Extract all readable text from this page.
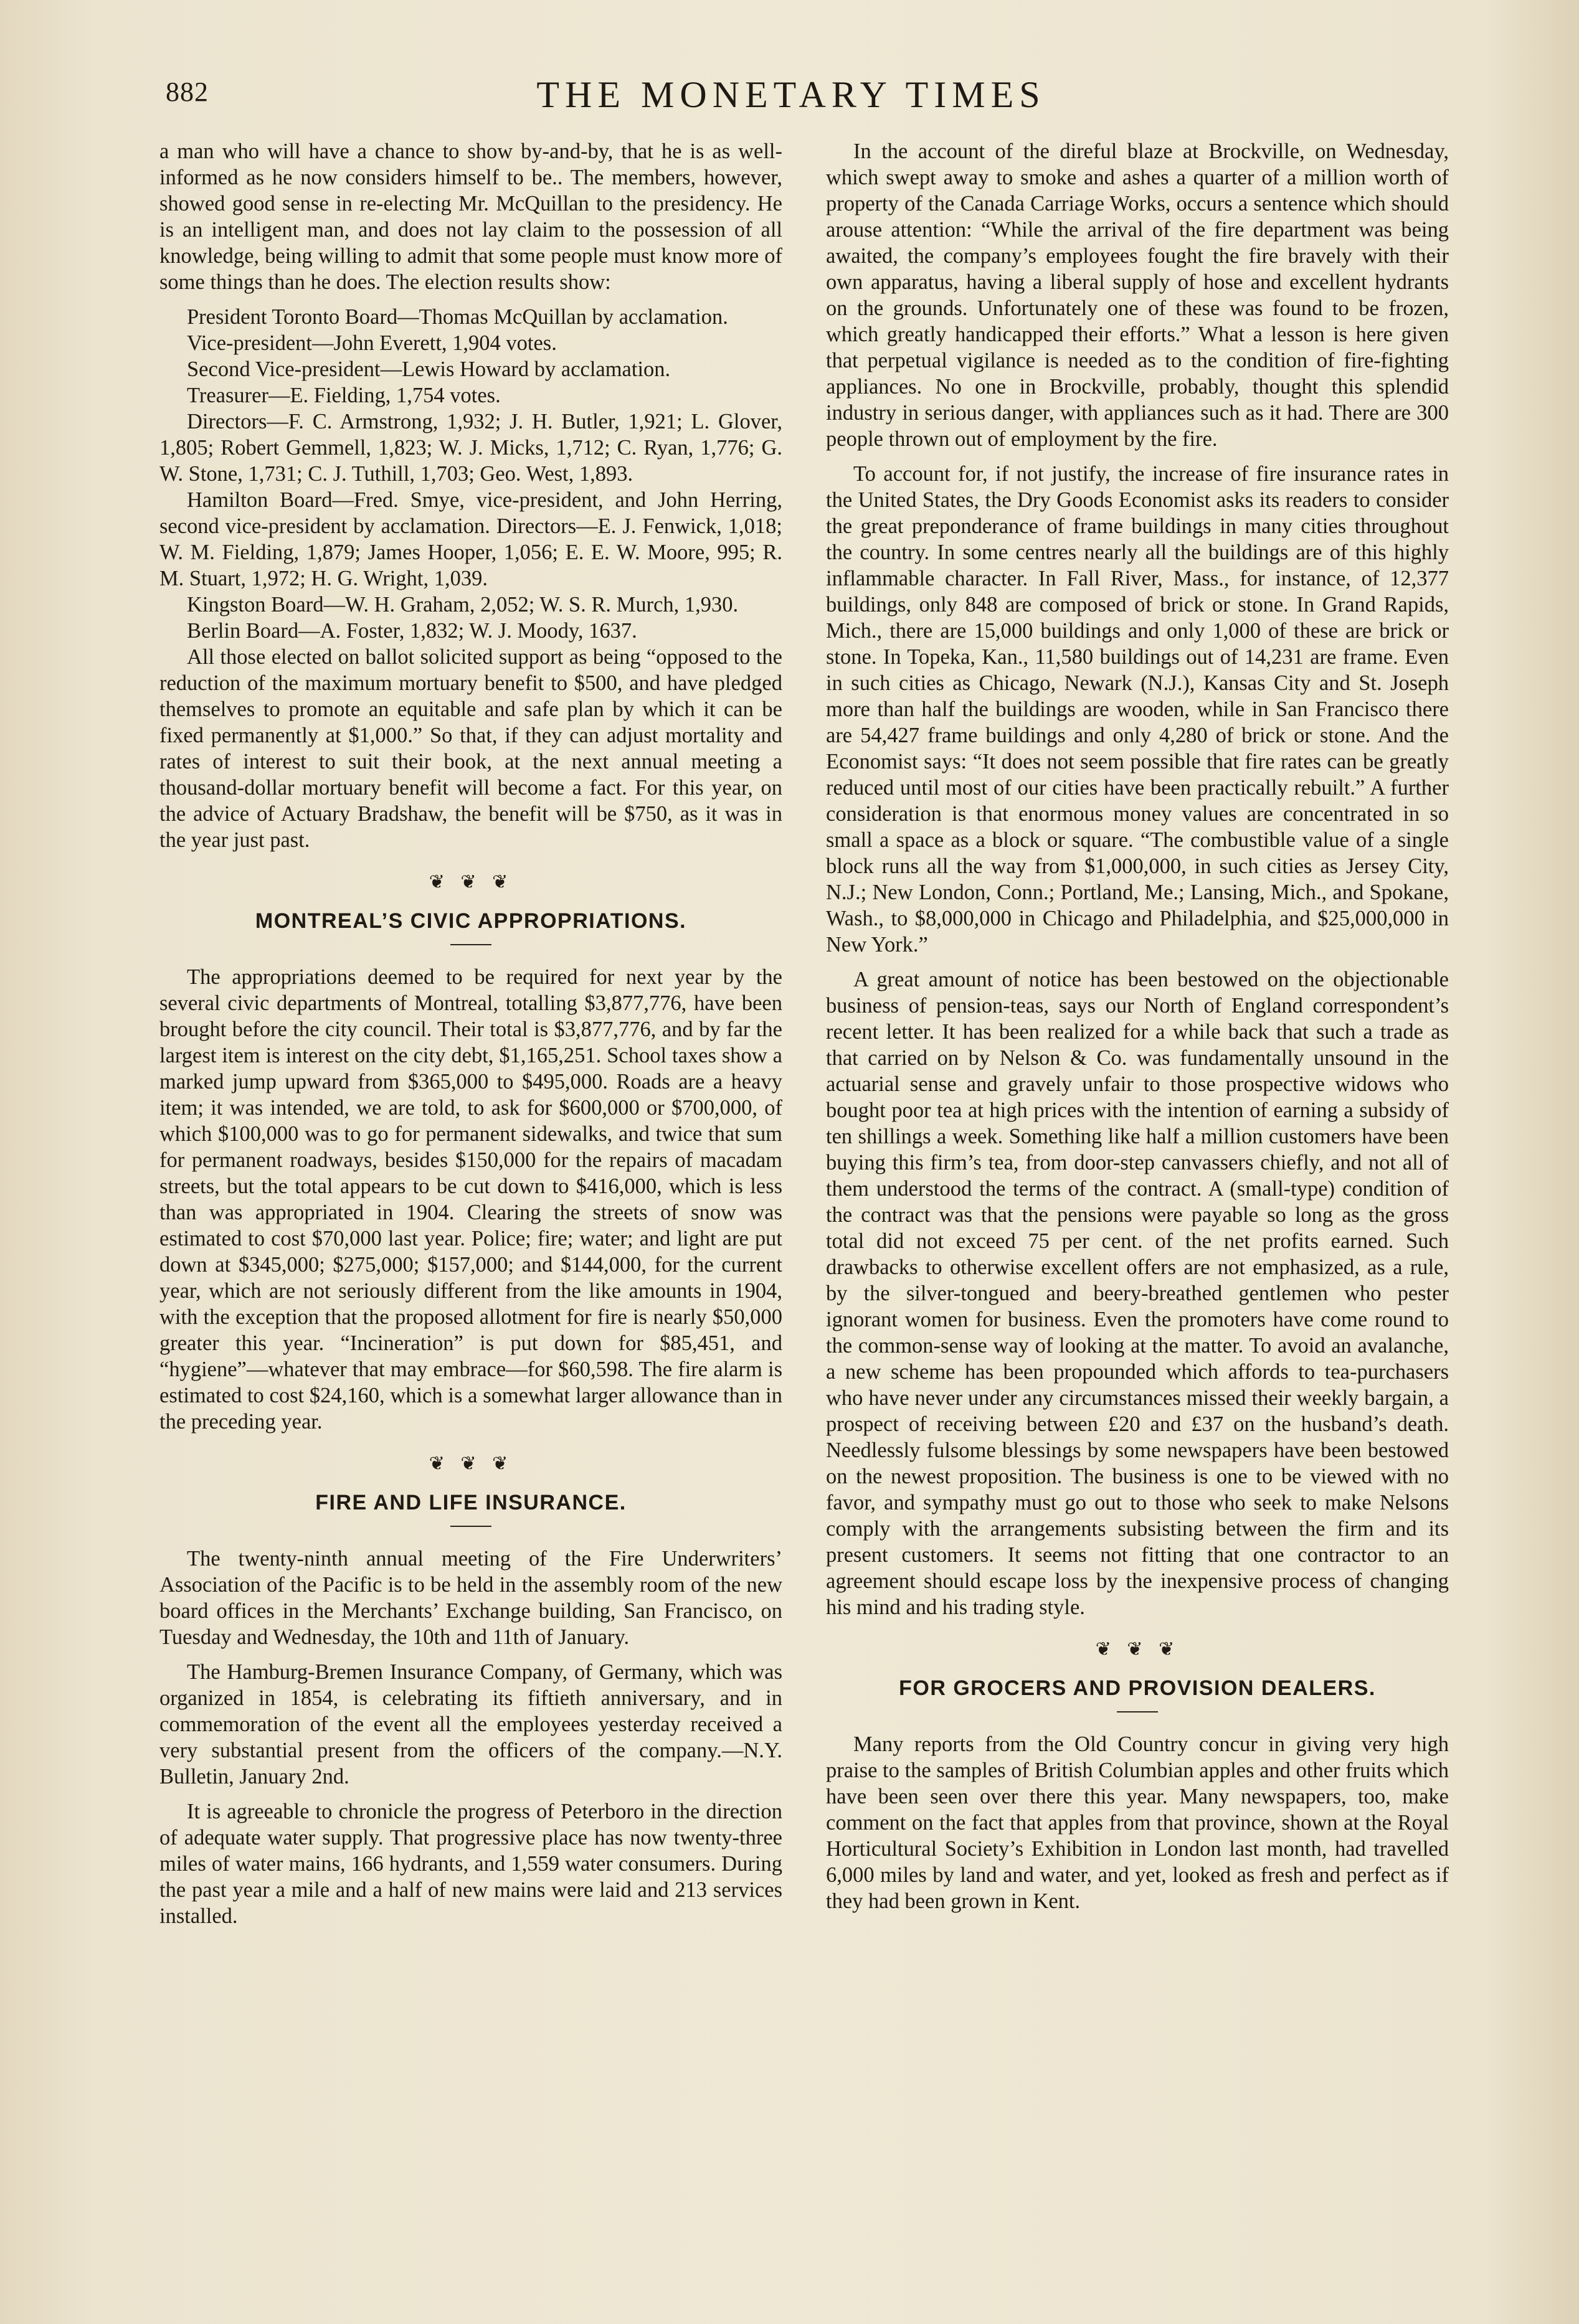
882	THE MONETARY TIMES

a man who will have a chance to show by-and-by, that he is as well-informed as he now considers himself to be.. The members, however, showed good sense in re-electing Mr. McQuillan to the presidency. He is an intelligent man, and does not lay claim to the possession of all knowledge, being willing to admit that some people must know more of some things than he does. The election results show:

President Toronto Board—Thomas McQuillan by acclamation.

Vice-president—John Everett, 1,904 votes.

Second Vice-president—Lewis Howard by acclamation.

Treasurer—E. Fielding, 1,754 votes.

Directors—F. C. Armstrong, 1,932; J. H. Butler, 1,921; L. Glover, 1,805; Robert Gemmell, 1,823; W. J. Micks, 1,712; C. Ryan, 1,776; G. W. Stone, 1,731; C. J. Tuthill, 1,703; Geo. West, 1,893.

Hamilton Board—Fred. Smye, vice-president, and John Herring, second vice-president by acclamation. Directors—E. J. Fenwick, 1,018; W. M. Fielding, 1,879; James Hooper, 1,056; E. E. W. Moore, 995; R. M. Stuart, 1,972; H. G. Wright, 1,039.

Kingston Board—W. H. Graham, 2,052; W. S. R. Murch, 1,930.

Berlin Board—A. Foster, 1,832; W. J. Moody, 1637.

All those elected on ballot solicited support as being “opposed to the reduction of the maximum mortuary benefit to $500, and have pledged themselves to promote an equitable and safe plan by which it can be fixed permanently at $1,000.” So that, if they can adjust mortality and rates of interest to suit their book, at the next annual meeting a thousand-dollar mortuary benefit will become a fact. For this year, on the advice of Actuary Bradshaw, the benefit will be $750, as it was in the year just past.

❦ ❦ ❦
MONTREAL’S CIVIC APPROPRIATIONS.

The appropriations deemed to be required for next year by the several civic departments of Montreal, totalling $3,877,776, have been brought before the city council. Their total is $3,877,776, and by far the largest item is interest on the city debt, $1,165,251. School taxes show a marked jump upward from $365,000 to $495,000. Roads are a heavy item; it was intended, we are told, to ask for $600,000 or $700,000, of which $100,000 was to go for permanent sidewalks, and twice that sum for permanent roadways, besides $150,000 for the repairs of macadam streets, but the total appears to be cut down to $416,000, which is less than was appropriated in 1904. Clearing the streets of snow was estimated to cost $70,000 last year. Police; fire; water; and light are put down at $345,000; $275,000; $157,000; and $144,000, for the current year, which are not seriously different from the like amounts in 1904, with the exception that the proposed allotment for fire is nearly $50,000 greater this year. “Incineration” is put down for $85,451, and “hygiene”—whatever that may embrace—for $60,598. The fire alarm is estimated to cost $24,160, which is a somewhat larger allowance than in the preceding year.

❦ ❦ ❦
FIRE AND LIFE INSURANCE.

The twenty-ninth annual meeting of the Fire Underwriters’ Association of the Pacific is to be held in the assembly room of the new board offices in the Merchants’ Exchange building, San Francisco, on Tuesday and Wednesday, the 10th and 11th of January.

The Hamburg-Bremen Insurance Company, of Germany, which was organized in 1854, is celebrating its fiftieth anniversary, and in commemoration of the event all the employees yesterday received a very substantial present from the officers of the company.—N.Y. Bulletin, January 2nd.

It is agreeable to chronicle the progress of Peterboro in the direction of adequate water supply. That progressive place has now twenty-three miles of water mains, 166 hydrants, and 1,559 water consumers. During the past year a mile and a half of new mains were laid and 213 services installed.

In the account of the direful blaze at Brockville, on Wednesday, which swept away to smoke and ashes a quarter of a million worth of property of the Canada Carriage Works, occurs a sentence which should arouse attention: “While the arrival of the fire department was being awaited, the company’s employees fought the fire bravely with their own apparatus, having a liberal supply of hose and excellent hydrants on the grounds. Unfortunately one of these was found to be frozen, which greatly handicapped their efforts.” What a lesson is here given that perpetual vigilance is needed as to the condition of fire-fighting appliances. No one in Brockville, probably, thought this splendid industry in serious danger, with appliances such as it had. There are 300 people thrown out of employment by the fire.

To account for, if not justify, the increase of fire insurance rates in the United States, the Dry Goods Economist asks its readers to consider the great preponderance of frame buildings in many cities throughout the country. In some centres nearly all the buildings are of this highly inflammable character. In Fall River, Mass., for instance, of 12,377 buildings, only 848 are composed of brick or stone. In Grand Rapids, Mich., there are 15,000 buildings and only 1,000 of these are brick or stone. In Topeka, Kan., 11,580 buildings out of 14,231 are frame. Even in such cities as Chicago, Newark (N.J.), Kansas City and St. Joseph more than half the buildings are wooden, while in San Francisco there are 54,427 frame buildings and only 4,280 of brick or stone. And the Economist says: “It does not seem possible that fire rates can be greatly reduced until most of our cities have been practically rebuilt.” A further consideration is that enormous money values are concentrated in so small a space as a block or square. “The combustible value of a single block runs all the way from $1,000,000, in such cities as Jersey City, N.J.; New London, Conn.; Portland, Me.; Lansing, Mich., and Spokane, Wash., to $8,000,000 in Chicago and Philadelphia, and $25,000,000 in New York.”

A great amount of notice has been bestowed on the objectionable business of pension-teas, says our North of England correspondent’s recent letter. It has been realized for a while back that such a trade as that carried on by Nelson & Co. was fundamentally unsound in the actuarial sense and gravely unfair to those prospective widows who bought poor tea at high prices with the intention of earning a subsidy of ten shillings a week. Something like half a million customers have been buying this firm’s tea, from door-step canvassers chiefly, and not all of them understood the terms of the contract. A (small-type) condition of the contract was that the pensions were payable so long as the gross total did not exceed 75 per cent. of the net profits earned. Such drawbacks to otherwise excellent offers are not emphasized, as a rule, by the silver-tongued and beery-breathed gentlemen who pester ignorant women for business. Even the promoters have come round to the common-sense way of looking at the matter. To avoid an avalanche, a new scheme has been propounded which affords to tea-purchasers who have never under any circumstances missed their weekly bargain, a prospect of receiving between £20 and £37 on the husband’s death. Needlessly fulsome blessings by some newspapers have been bestowed on the newest proposition. The business is one to be viewed with no favor, and sympathy must go out to those who seek to make Nelsons comply with the arrangements subsisting between the firm and its present customers. It seems not fitting that one contractor to an agreement should escape loss by the inexpensive process of changing his mind and his trading style.

❦ ❦ ❦
FOR GROCERS AND PROVISION DEALERS.

Many reports from the Old Country concur in giving very high praise to the samples of British Columbian apples and other fruits which have been seen over there this year. Many newspapers, too, make comment on the fact that apples from that province, shown at the Royal Horticultural Society’s Exhibition in London last month, had travelled 6,000 miles by land and water, and yet, looked as fresh and perfect as if they had been grown in Kent.
